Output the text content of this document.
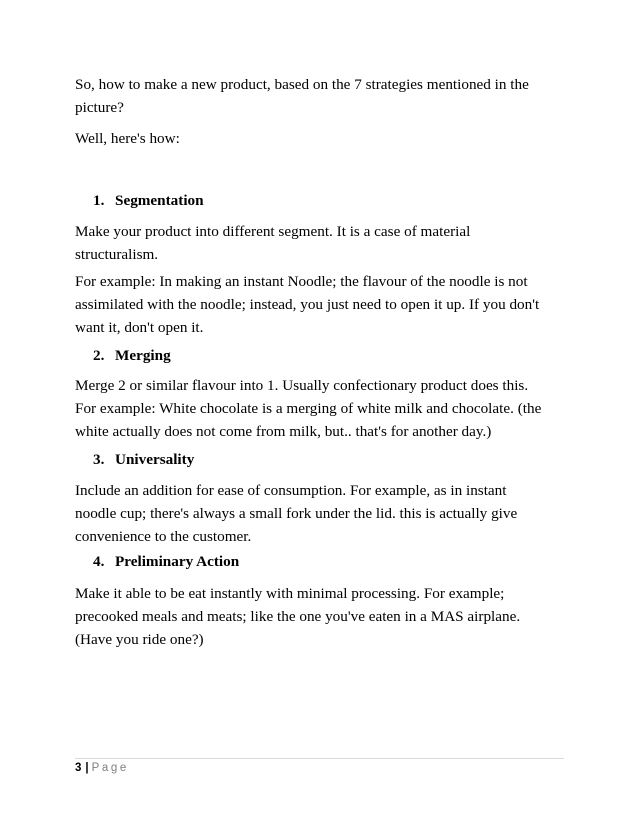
So, how to make a new product, based on the 7 strategies mentioned in the
picture?
Well, here's how:
1. Segmentation
Make your product into different segment. It is a case of material
structuralism.
For example: In making an instant Noodle; the flavour of the noodle is not
assimilated with the noodle; instead, you just need to open it up. If you don't
want it, don't open it.
2. Merging
Merge 2 or similar flavour into 1. Usually confectionary product does this.
For example: White chocolate is a merging of white milk and chocolate. (the
white actually does not come from milk, but.. that's for another day.)
3. Universality
Include an addition for ease of consumption. For example, as in instant
noodle cup; there's always a small fork under the lid. this is actually give
convenience to the customer.
4. Preliminary Action
Make it able to be eat instantly with minimal processing. For example;
precooked meals and meats; like the one you've eaten in a MAS airplane.
(Have you ride one?)
3 | Page
